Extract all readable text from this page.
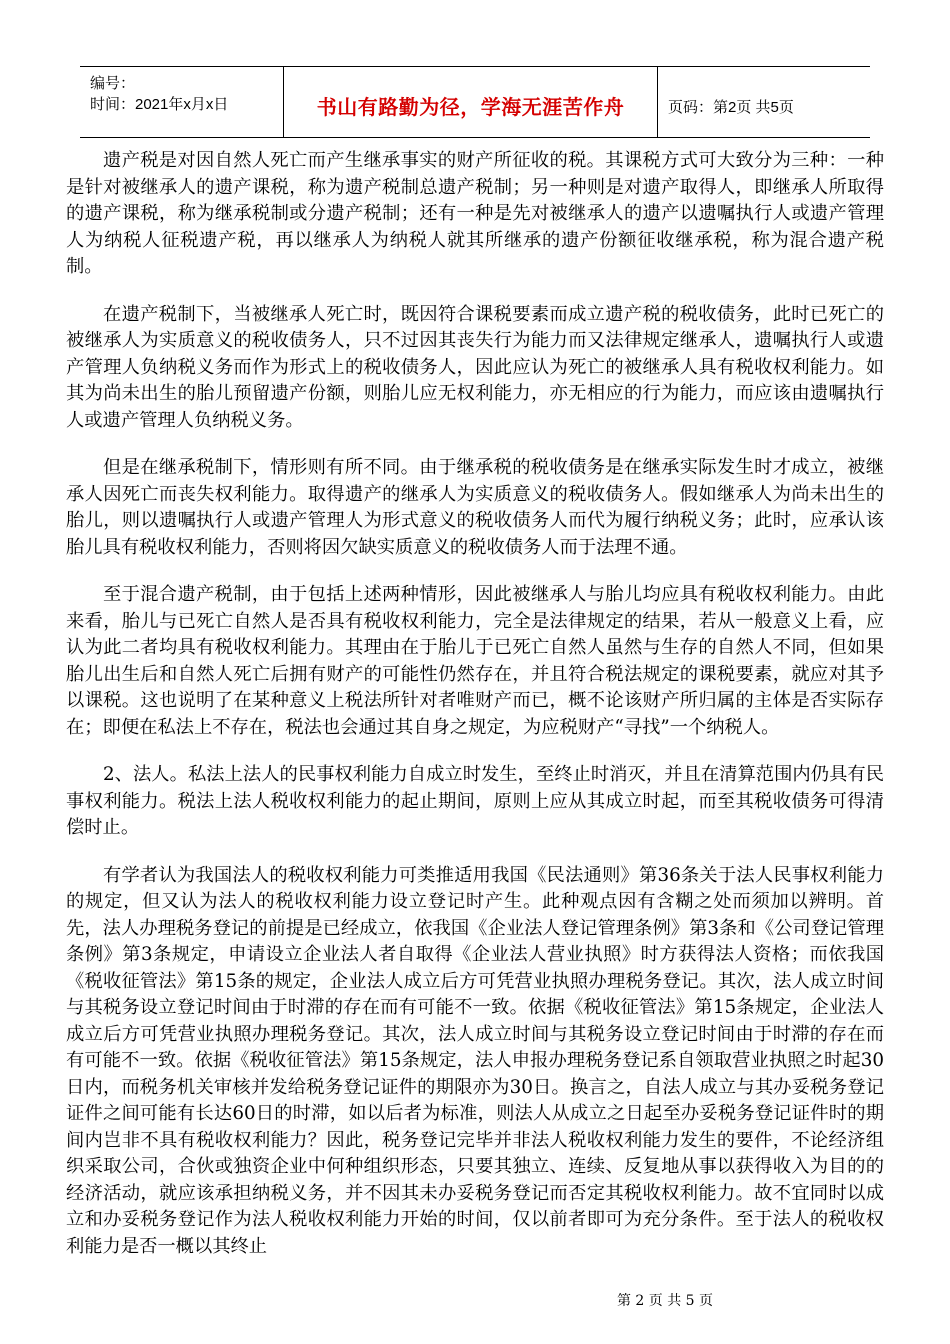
编号：
时间：2021年x月x日	书山有路勤为径，学海无涯苦作舟	页码：第2页 共5页

遗产税是对因自然人死亡而产生继承事实的财产所征收的税。其课税方式可大致分为三种：一种是针对被继承人的遗产课税，称为遗产税制总遗产税制；另一种则是对遗产取得人，即继承人所取得的遗产课税，称为继承税制或分遗产税制；还有一种是先对被继承人的遗产以遗嘱执行人或遗产管理人为纳税人征税遗产税，再以继承人为纳税人就其所继承的遗产份额征收继承税，称为混合遗产税制。

在遗产税制下，当被继承人死亡时，既因符合课税要素而成立遗产税的税收债务，此时已死亡的被继承人为实质意义的税收债务人，只不过因其丧失行为能力而又法律规定继承人，遗嘱执行人或遗产管理人负纳税义务而作为形式上的税收债务人，因此应认为死亡的被继承人具有税收权利能力。如其为尚未出生的胎儿预留遗产份额，则胎儿应无权利能力，亦无相应的行为能力，而应该由遗嘱执行人或遗产管理人负纳税义务。

但是在继承税制下，情形则有所不同。由于继承税的税收债务是在继承实际发生时才成立，被继承人因死亡而丧失权利能力。取得遗产的继承人为实质意义的税收债务人。假如继承人为尚未出生的胎儿，则以遗嘱执行人或遗产管理人为形式意义的税收债务人而代为履行纳税义务；此时，应承认该胎儿具有税收权利能力，否则将因欠缺实质意义的税收债务人而于法理不通。

至于混合遗产税制，由于包括上述两种情形，因此被继承人与胎儿均应具有税收权利能力。由此来看，胎儿与已死亡自然人是否具有税收权利能力，完全是法律规定的结果，若从一般意义上看，应认为此二者均具有税收权利能力。其理由在于胎儿于已死亡自然人虽然与生存的自然人不同，但如果胎儿出生后和自然人死亡后拥有财产的可能性仍然存在，并且符合税法规定的课税要素，就应对其予以课税。这也说明了在某种意义上税法所针对者唯财产而已，概不论该财产所归属的主体是否实际存在；即便在私法上不存在，税法也会通过其自身之规定，为应税财产“寻找”一个纳税人。

2、法人。私法上法人的民事权利能力自成立时发生，至终止时消灭，并且在清算范围内仍具有民事权利能力。税法上法人税收权利能力的起止期间，原则上应从其成立时起，而至其税收债务可得清偿时止。

有学者认为我国法人的税收权利能力可类推适用我国《民法通则》第36条关于法人民事权利能力的规定，但又认为法人的税收权利能力设立登记时产生。此种观点因有含糊之处而须加以辨明。首先，法人办理税务登记的前提是已经成立，依我国《企业法人登记管理条例》第3条和《公司登记管理条例》第3条规定，申请设立企业法人者自取得《企业法人营业执照》时方获得法人资格；而依我国《税收征管法》第15条的规定，企业法人成立后方可凭营业执照办理税务登记。其次，法人成立时间与其税务设立登记时间由于时滞的存在而有可能不一致。依据《税收征管法》第15条规定，企业法人成立后方可凭营业执照办理税务登记。其次，法人成立时间与其税务设立登记时间由于时滞的存在而有可能不一致。依据《税收征管法》第15条规定，法人申报办理税务登记系自领取营业执照之时起30日内，而税务机关审核并发给税务登记证件的期限亦为30日。换言之，自法人成立与其办妥税务登记证件之间可能有长达60日的时滞，如以后者为标准，则法人从成立之日起至办妥税务登记证件时的期间内岂非不具有税收权利能力？因此，税务登记完毕并非法人税收权利能力发生的要件，不论经济组织采取公司，合伙或独资企业中何种组织形态，只要其独立、连续、反复地从事以获得收入为目的的经济活动，就应该承担纳税义务，并不因其未办妥税务登记而否定其税收权利能力。故不宜同时以成立和办妥税务登记作为法人税收权利能力开始的时间，仅以前者即可为充分条件。至于法人的税收权利能力是否一概以其终止

第 2 页 共 5 页
